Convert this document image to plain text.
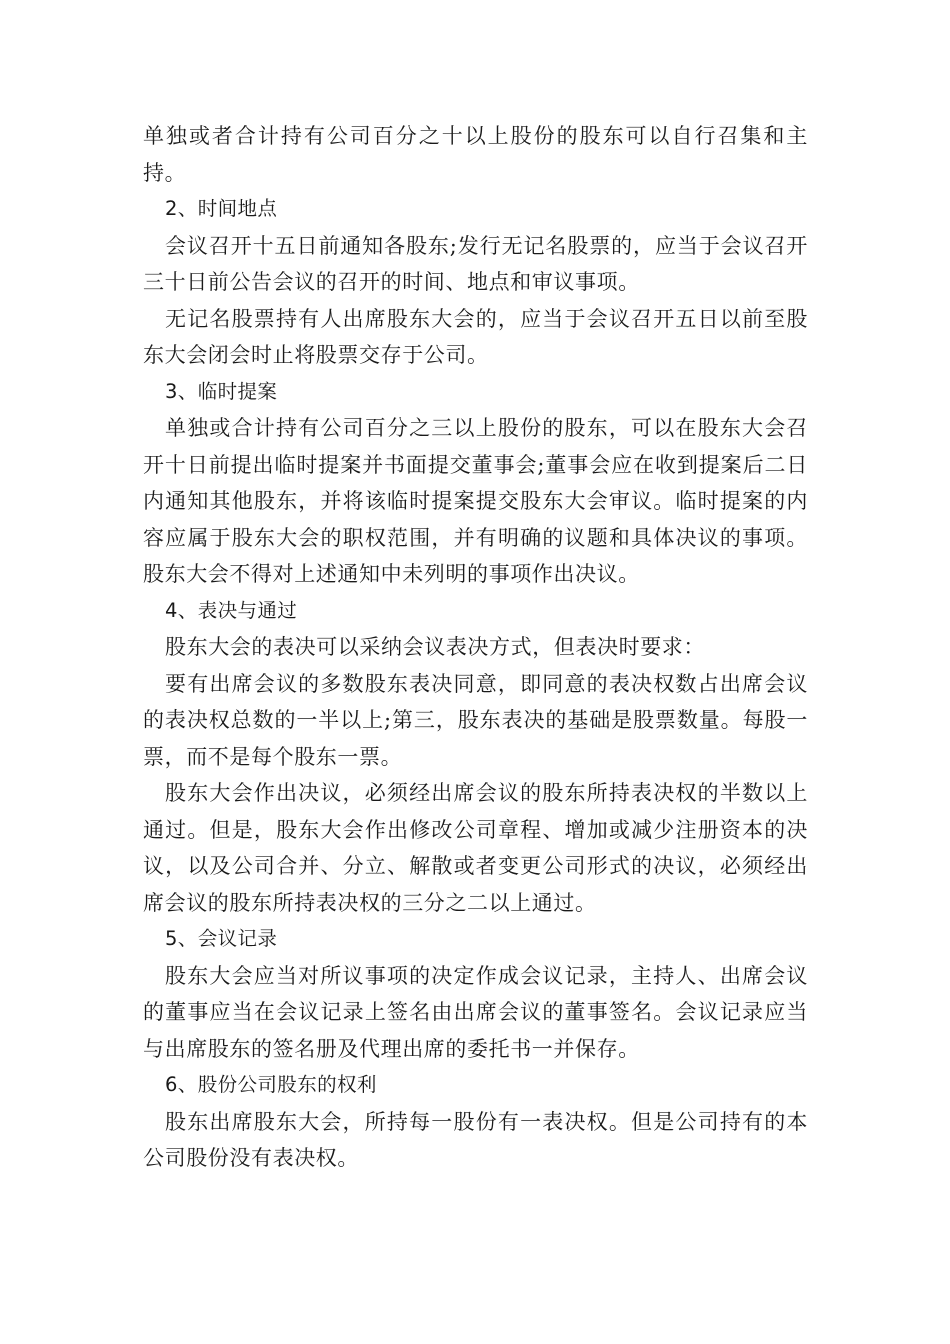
单独或者合计持有公司百分之十以上股份的股东可以自行召集和主持。

2、时间地点

会议召开十五日前通知各股东;发行无记名股票的，应当于会议召开三十日前公告会议的召开的时间、地点和审议事项。

无记名股票持有人出席股东大会的，应当于会议召开五日以前至股东大会闭会时止将股票交存于公司。

3、临时提案

单独或合计持有公司百分之三以上股份的股东，可以在股东大会召开十日前提出临时提案并书面提交董事会;董事会应在收到提案后二日内通知其他股东，并将该临时提案提交股东大会审议。临时提案的内容应属于股东大会的职权范围，并有明确的议题和具体决议的事项。股东大会不得对上述通知中未列明的事项作出决议。

4、表决与通过

股东大会的表决可以采纳会议表决方式，但表决时要求：

要有出席会议的多数股东表决同意，即同意的表决权数占出席会议的表决权总数的一半以上;第三，股东表决的基础是股票数量。每股一票，而不是每个股东一票。

股东大会作出决议，必须经出席会议的股东所持表决权的半数以上通过。但是，股东大会作出修改公司章程、增加或减少注册资本的决议，以及公司合并、分立、解散或者变更公司形式的决议，必须经出席会议的股东所持表决权的三分之二以上通过。

5、会议记录

股东大会应当对所议事项的决定作成会议记录，主持人、出席会议的董事应当在会议记录上签名由出席会议的董事签名。会议记录应当与出席股东的签名册及代理出席的委托书一并保存。

6、股份公司股东的权利

股东出席股东大会，所持每一股份有一表决权。但是公司持有的本公司股份没有表决权。
